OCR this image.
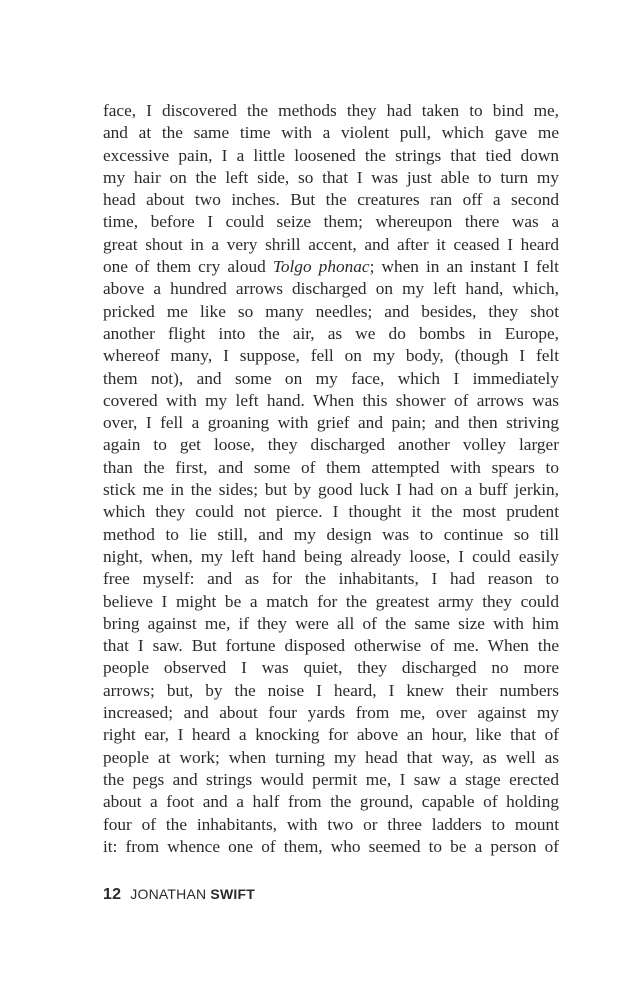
face, I discovered the methods they had taken to bind me,
and at the same time with a violent pull, which gave me
excessive pain, I a little loosened the strings that tied down
my hair on the left side, so that I was just able to turn my
head about two inches. But the creatures ran off a second
time, before I could seize them; whereupon there was a
great shout in a very shrill accent, and after it ceased I heard
one of them cry aloud Tolgo phonac; when in an instant I felt
above a hundred arrows discharged on my left hand, which,
pricked me like so many needles; and besides, they shot
another flight into the air, as we do bombs in Europe,
whereof many, I suppose, fell on my body, (though I felt
them not), and some on my face, which I immediately
covered with my left hand. When this shower of arrows was
over, I fell a groaning with grief and pain; and then striving
again to get loose, they discharged another volley larger
than the first, and some of them attempted with spears to
stick me in the sides; but by good luck I had on a buff jerkin,
which they could not pierce. I thought it the most prudent
method to lie still, and my design was to continue so till
night, when, my left hand being already loose, I could easily
free myself: and as for the inhabitants, I had reason to
believe I might be a match for the greatest army they could
bring against me, if they were all of the same size with him
that I saw. But fortune disposed otherwise of me. When the
people observed I was quiet, they discharged no more
arrows; but, by the noise I heard, I knew their numbers
increased; and about four yards from me, over against my
right ear, I heard a knocking for above an hour, like that of
people at work; when turning my head that way, as well as
the pegs and strings would permit me, I saw a stage erected
about a foot and a half from the ground, capable of holding
four of the inhabitants, with two or three ladders to mount
it: from whence one of them, who seemed to be a person of
12 JONATHAN SWIFT
